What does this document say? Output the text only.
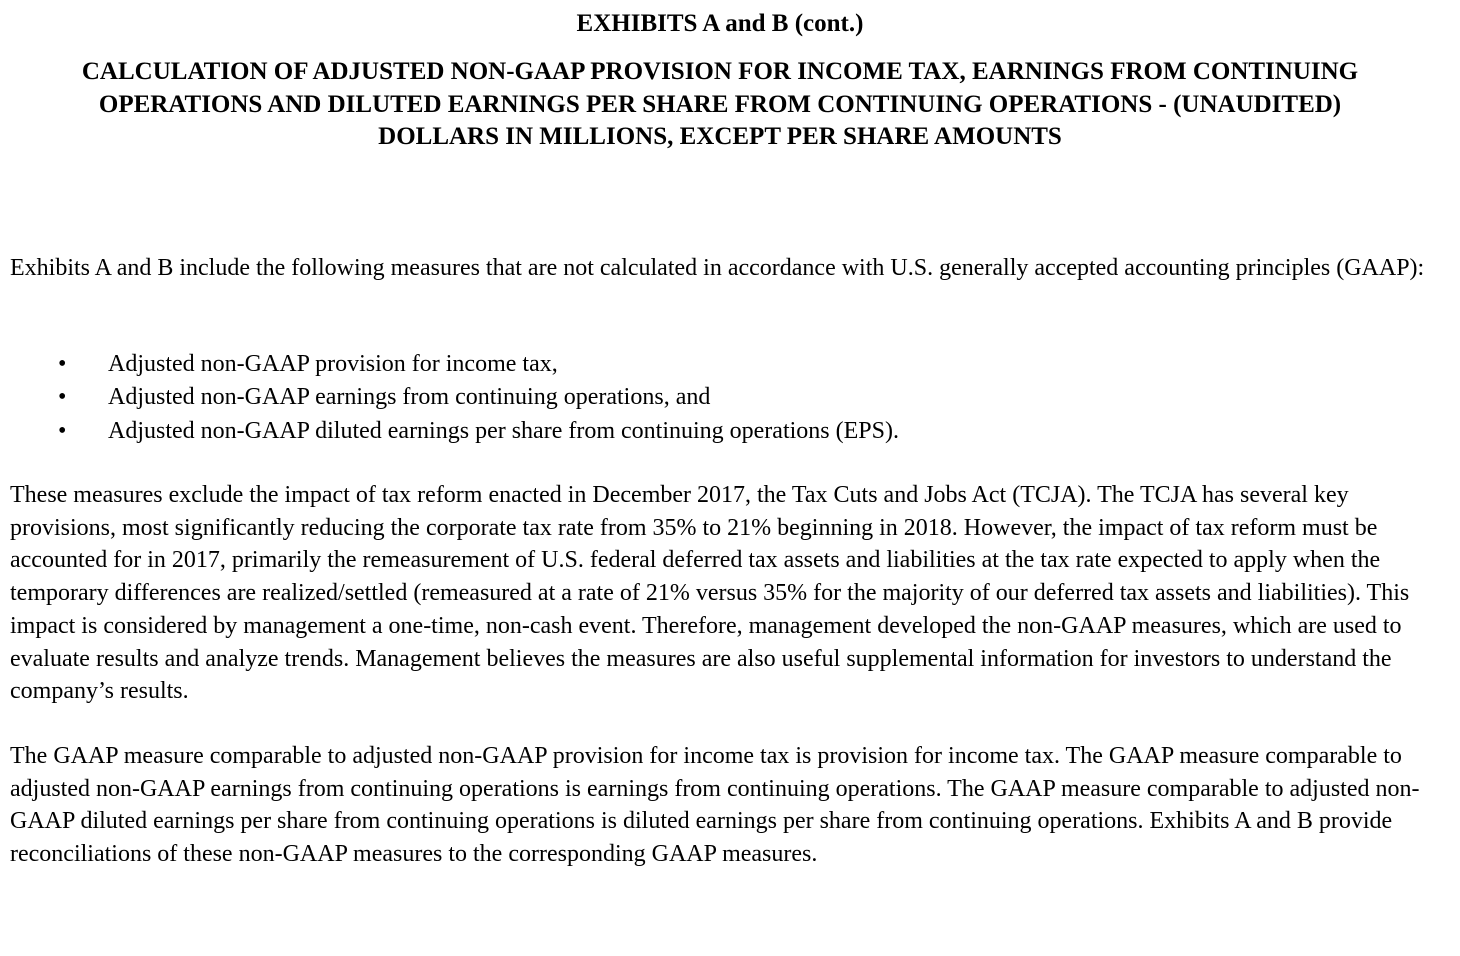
EXHIBITS A and B (cont.)
CALCULATION OF ADJUSTED NON-GAAP PROVISION FOR INCOME TAX, EARNINGS FROM CONTINUING
OPERATIONS AND DILUTED EARNINGS PER SHARE FROM CONTINUING OPERATIONS - (UNAUDITED)
DOLLARS IN MILLIONS, EXCEPT PER SHARE AMOUNTS

Exhibits A and B include the following measures that are not calculated in accordance with U.S. generally accepted accounting principles (GAAP):

• Adjusted non-GAAP provision for income tax,
• Adjusted non-GAAP earnings from continuing operations, and
• Adjusted non-GAAP diluted earnings per share from continuing operations (EPS).

These measures exclude the impact of tax reform enacted in December 2017, the Tax Cuts and Jobs Act (TCJA). The TCJA has several key provisions, most significantly reducing the corporate tax rate from 35% to 21% beginning in 2018. However, the impact of tax reform must be accounted for in 2017, primarily the remeasurement of U.S. federal deferred tax assets and liabilities at the tax rate expected to apply when the temporary differences are realized/settled (remeasured at a rate of 21% versus 35% for the majority of our deferred tax assets and liabilities). This impact is considered by management a one-time, non-cash event. Therefore, management developed the non-GAAP measures, which are used to evaluate results and analyze trends. Management believes the measures are also useful supplemental information for investors to understand the company’s results.

The GAAP measure comparable to adjusted non-GAAP provision for income tax is provision for income tax. The GAAP measure comparable to adjusted non-GAAP earnings from continuing operations is earnings from continuing operations. The GAAP measure comparable to adjusted non-GAAP diluted earnings per share from continuing operations is diluted earnings per share from continuing operations. Exhibits A and B provide reconciliations of these non-GAAP measures to the corresponding GAAP measures.
